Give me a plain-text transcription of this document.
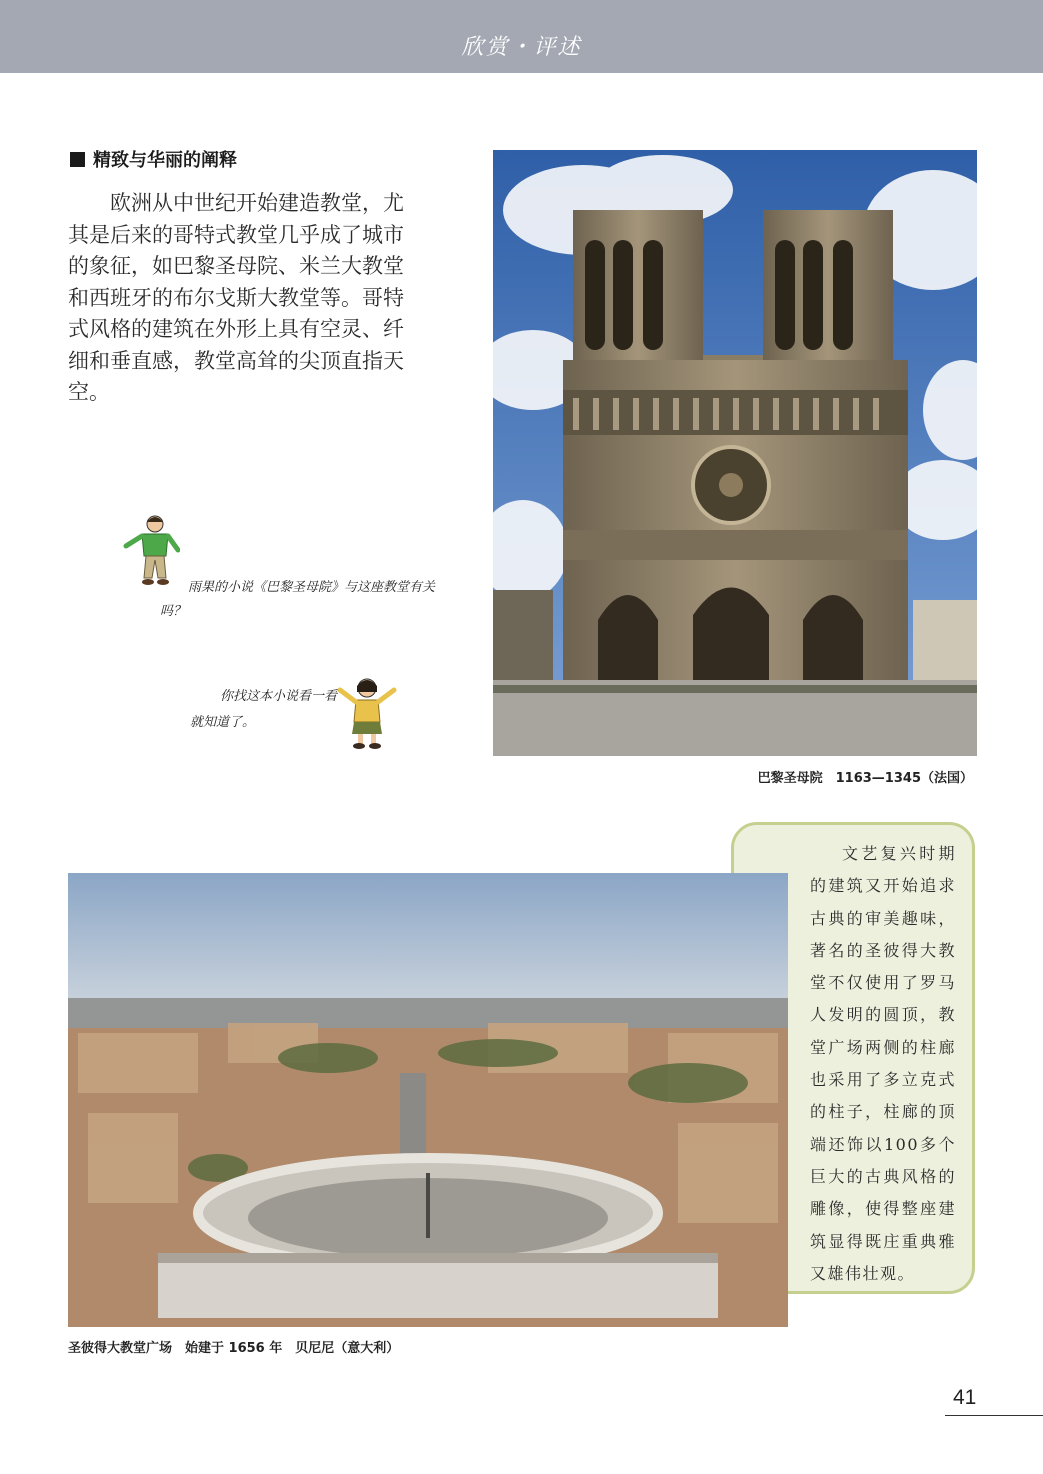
欣赏・评述
精致与华丽的阐释

欧洲从中世纪开始建造教堂，尤其是后来的哥特式教堂几乎成了城市的象征，如巴黎圣母院、米兰大教堂和西班牙的布尔戈斯大教堂等。哥特式风格的建筑在外形上具有空灵、纤细和垂直感，教堂高耸的尖顶直指天空。

巴黎圣母院　1163—1345（法国）

雨果的小说《巴黎圣母院》与这座教堂有关吗？

你找这本小说看一看就知道了。

文艺复兴时期的建筑又开始追求古典的审美趣味，著名的圣彼得大教堂不仅使用了罗马人发明的圆顶，教堂广场两侧的柱廊也采用了多立克式的柱子，柱廊的顶端还饰以100多个巨大的古典风格的雕像，使得整座建筑显得既庄重典雅又雄伟壮观。

圣彼得大教堂广场　始建于 1656 年　贝尼尼（意大利）
41
